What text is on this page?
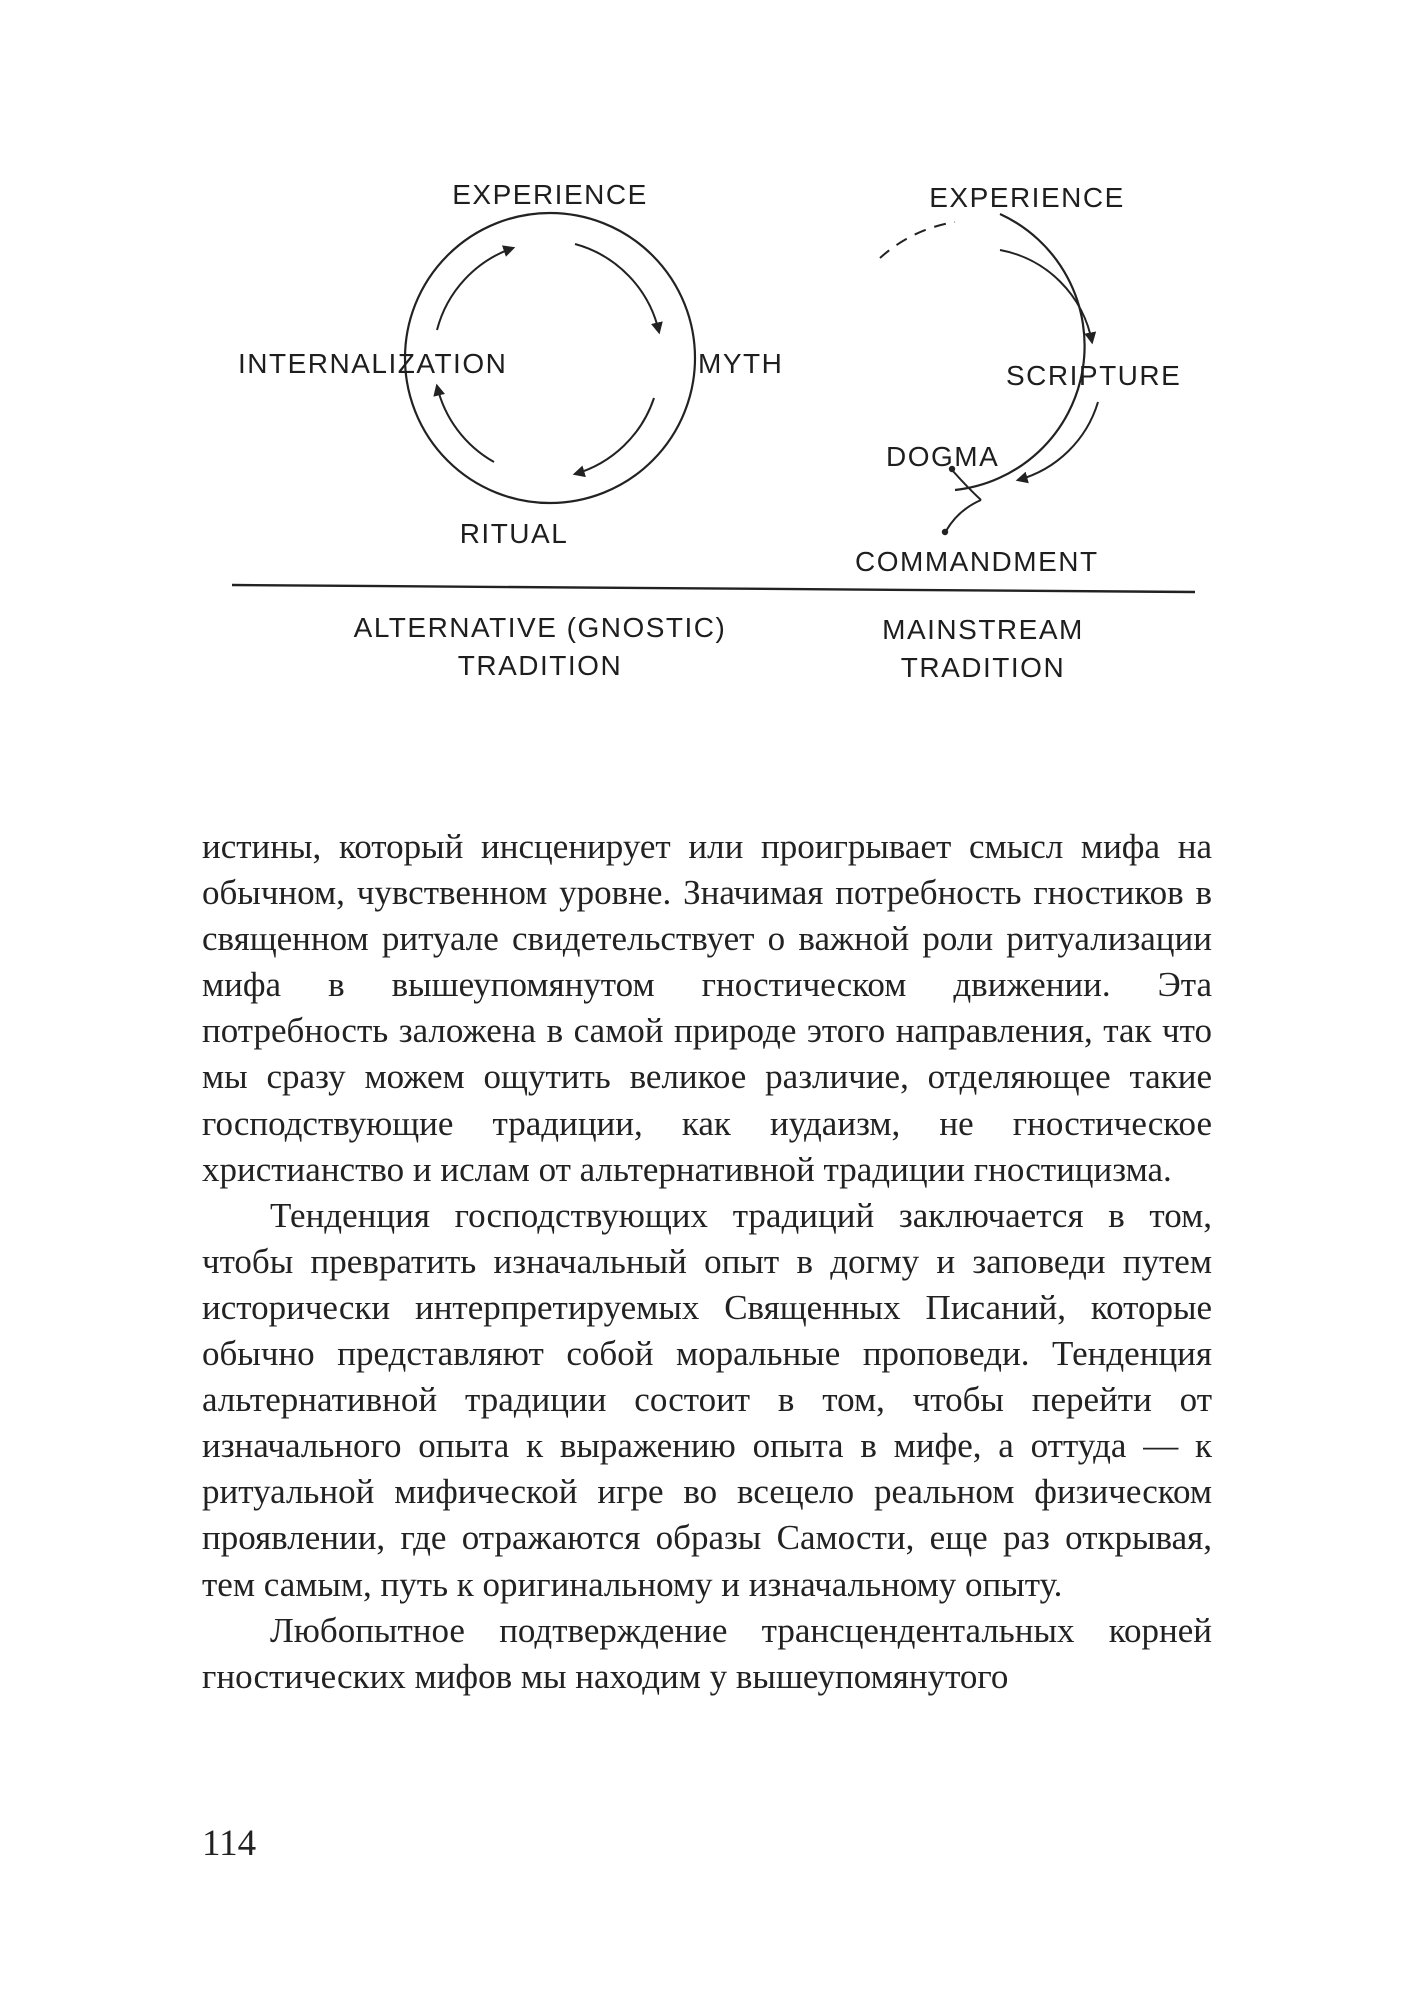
EXPERIENCE
MYTH
RITUAL
INTERNALIZATION
EXPERIENCE
SCRIPTURE
DOGMA
COMMANDMENT
ALTERNATIVE (GNOSTIC)
TRADITION
MAINSTREAM
TRADITION

истины, который инсценирует или проигрывает смысл мифа на обычном, чувственном уровне. Значимая потребность гностиков в священном ритуале свидетельствует о важной роли ритуализации мифа в вышеупомянутом гностическом движении. Эта потребность заложена в самой природе этого направления, так что мы сразу можем ощутить великое различие, отделяющее такие господствующие традиции, как иудаизм, не гностическое христианство и ислам от альтернативной традиции гностицизма.

Тенденция господствующих традиций заключается в том, чтобы превратить изначальный опыт в догму и заповеди путем исторически интерпретируемых Священных Писаний, которые обычно представляют собой моральные проповеди. Тенденция альтернативной традиции состоит в том, чтобы перейти от изначального опыта к выражению опыта в мифе, а оттуда — к ритуальной мифической игре во всецело реальном физическом проявлении, где отражаются образы Самости, еще раз открывая, тем самым, путь к оригинальному и изначальному опыту.

Любопытное подтверждение трансцендентальных корней гностических мифов мы находим у вышеупомянутого

114
